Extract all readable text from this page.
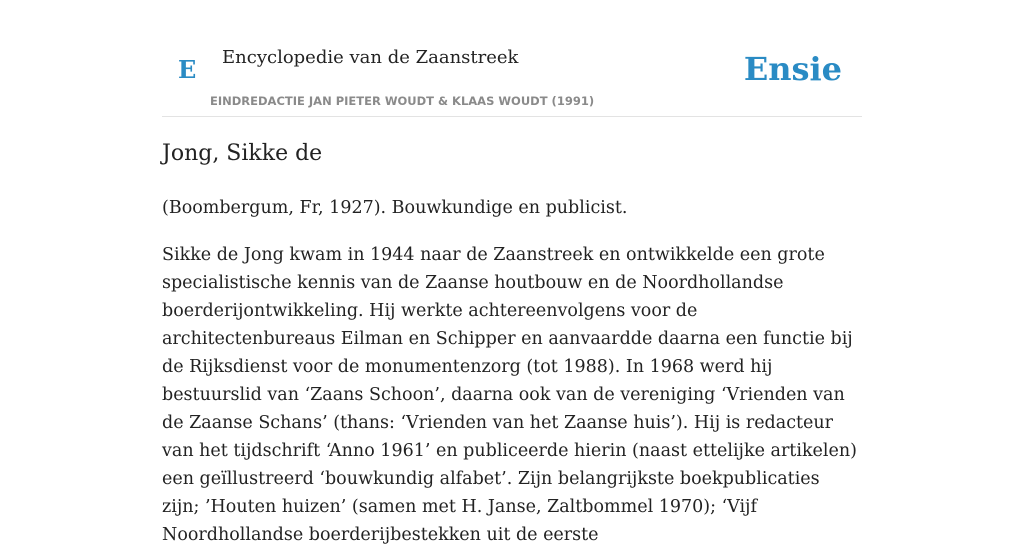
E Encyclopedie van de Zaanstreek
EINDREDACTIE JAN PIETER WOUDT & KLAAS WOUDT (1991)
Ensie
Jong, Sikke de

(Boombergum, Fr, 1927). Bouwkundige en publicist.

Sikke de Jong kwam in 1944 naar de Zaanstreek en ontwikkelde een grote specialistische kennis van de Zaanse houtbouw en de Noordhollandse boerderijontwikkeling. Hij werkte achtereenvolgens voor de architectenbureaus Eilman en Schipper en aanvaardde daarna een functie bij de Rijksdienst voor de monumentenzorg (tot 1988). In 1968 werd hij bestuurslid van ‘Zaans Schoon’, daarna ook van de vereniging ‘Vrienden van de Zaanse Schans’ (thans: ‘Vrienden van het Zaanse huis’). Hij is redacteur van het tijdschrift ‘Anno 1961’ en publiceerde hierin (naast ettelijke artikelen) een geïllustreerd ‘bouwkundig alfabet’. Zijn belangrijkste boekpublicaties zijn; ’Houten huizen’ (samen met H. Janse, Zaltbommel 1970); ‘Vijf Noordhollandse boerderijbestekken uit de eerste
